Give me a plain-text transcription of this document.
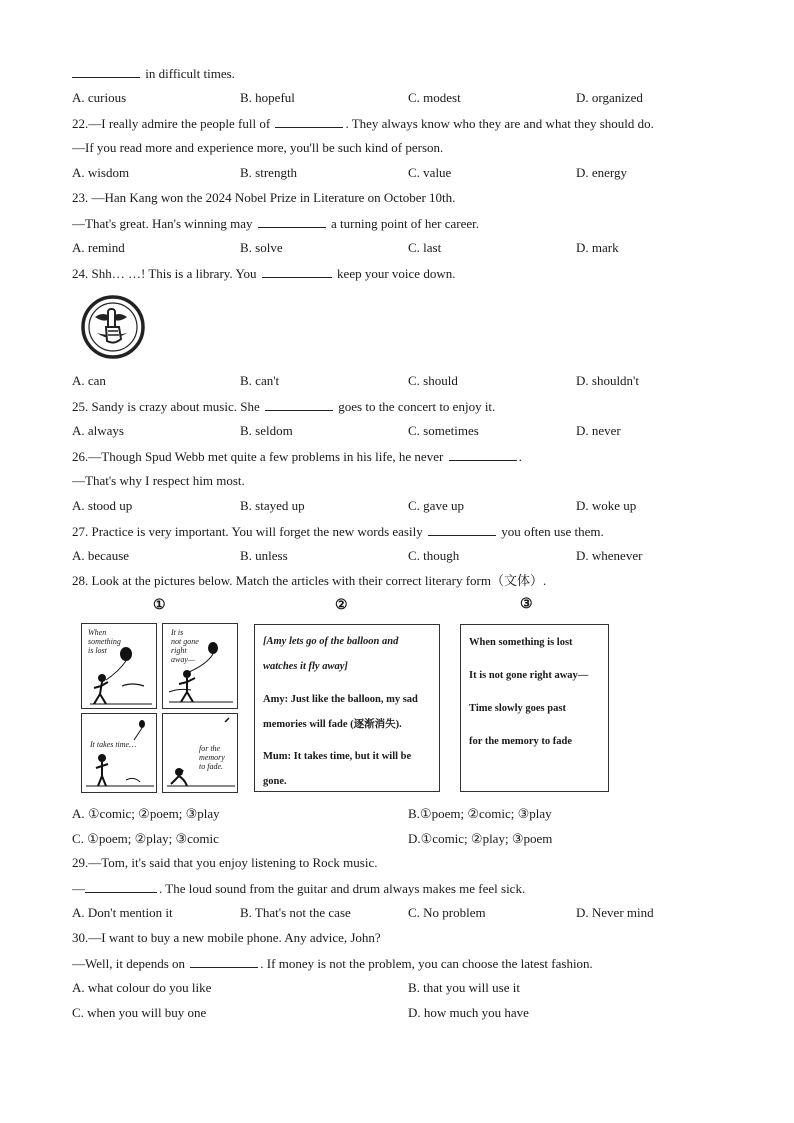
in difficult times.
A. curious	B. hopeful	C. modest	D. organized
22.—I really admire the people full of	. They always know who they are and what they should do.
—If you read more and experience more, you'll be such kind of person.
A. wisdom	B. strength	C. value	D. energy
23. —Han Kang won the 2024 Nobel Prize in Literature on October 10th.
—That's great. Han's winning may	a turning point of her career.
A. remind	B. solve	C. last	D. mark
24. Shh… …! This is a library. You	keep your voice down.
A. can	B. can't	C. should	D. shouldn't
25. Sandy is crazy about music. She	goes to the concert to enjoy it.
A. always	B. seldom	C. sometimes	D. never
26.—Though Spud Webb met quite a few problems in his life, he never	.
—That's why I respect him most.
A. stood up	B. stayed up	C. gave up	D. woke up
27. Practice is very important. You will forget the new words easily	you often use them.
A. because	B. unless	C. though	D. whenever
28. Look at the pictures below. Match the articles with their correct literary form（文体）.
①	②	③
When
something
is lost
It is
not gone
right
away—
It takes time…	for the
memory
to fade.
[Amy lets go of the balloon and
watches it fly away]
Amy: Just like the balloon, my sad
memories will fade (逐渐消失).
Mum: It takes time, but it will be
gone.
When something is lost
It is not gone right away—
Time slowly goes past
for the memory to fade
A. ①comic; ②poem; ③play	B.①poem; ②comic; ③play
C. ①poem; ②play; ③comic	D.①comic; ②play; ③poem
29.—Tom, it's said that you enjoy listening to Rock music.
—	. The loud sound from the guitar and drum always makes me feel sick.
A. Don't mention it	B. That's not the case	C. No problem	D. Never mind
30.—I want to buy a new mobile phone. Any advice, John?
—Well, it depends on	. If money is not the problem, you can choose the latest fashion.
A. what colour do you like	B. that you will use it
C. when you will buy one	D. how much you have
